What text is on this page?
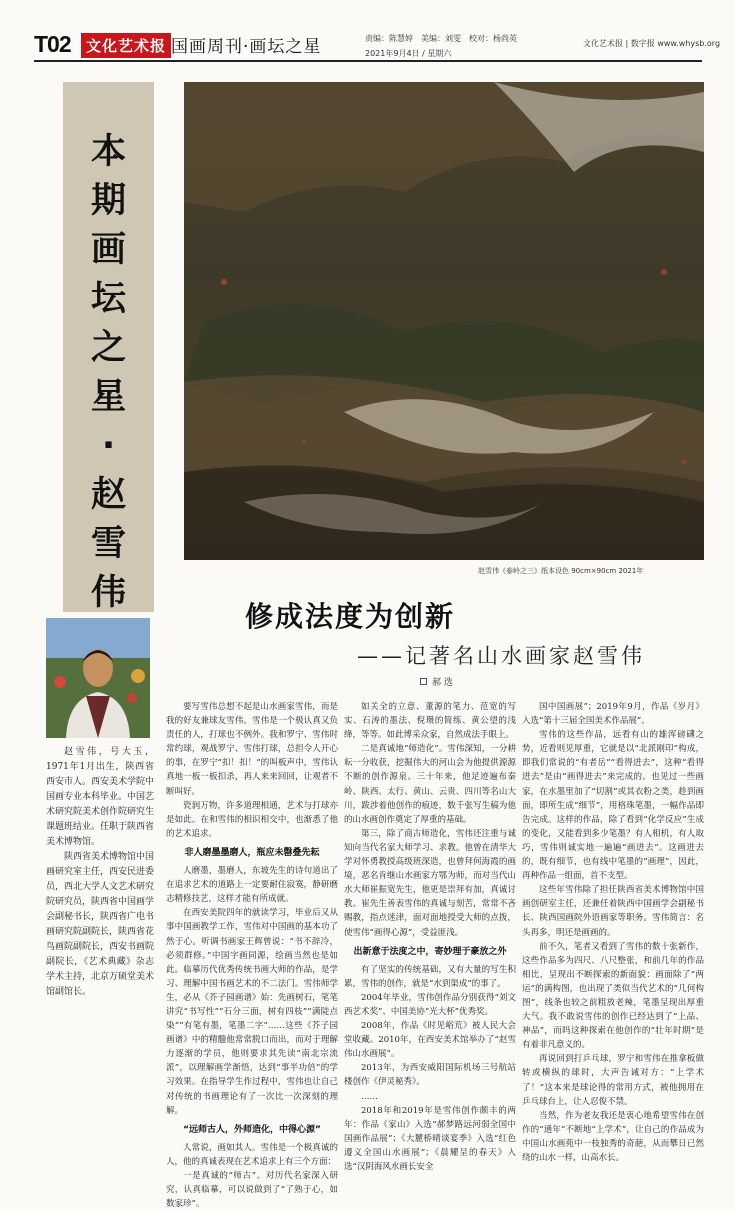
T02	文化艺术报 国画周刊·画坛之星	责编：陈慧婷　美编：刘雯　校对：杨尚英
2021年9月4日 / 星期六
文化艺术报 | 数字报 www.whysb.org
本
期
画
坛
之
星
·
赵
雪
伟

赵雪伟，号大玉，1971年1月出生，陕西省西安市人。西安美术学院中国画专业本科毕业。中国艺术研究院美术创作院研究生课题班结业。任职于陕西省美术博物馆。

陕西省美术博物馆中国画研究室主任，西安民进委员，西北大学人文艺术研究院研究员，陕西省中国画学会副秘书长，陕西省广电书画研究院副院长，陕西省花鸟画院副院长，西安书画院副院长，《艺术典藏》杂志学术主持，北京万硕堂美术馆副馆长。

赵雪伟《泰岭之三》纸本设色 90cm×90cm 2021年
修成法度为创新
——记著名山水画家赵雪伟
郝 选

要写雪伟总想不起是山水画家雪伟，而是我的好友兼球友雪伟。雪伟是一个极认真又负责任的人，打球也不例外。我和罗宁、雪伟时常约球，观战罗宁、雪伟打球，总担令人开心的事，在罗宁“扣！扣！”的叫板声中，雪伟认真地一板一板扣杀，再人来来回回，让观者不断叫好。

瓷润万物，许多道理相通，艺术与打球亦是如此。在和雪伟的相识相交中，也渐悉了他的艺术追求。

非人磨墨墨磨人，瓶应未罄叠先耘

人磨墨，墨磨人，东坡先生的诗句道出了在追求艺术的道路上一定要耐住寂寞，静研磨志精修技艺，这样才能有所成就。

在西安美院四年的就读学习，毕业后又从事中国画教学工作，雪伟对中国画的基本功了然于心。听调书画家王辉曾说：“书不辞冷，必须群修。”中国字画同源，绘画当然也是如此。临摹历代优秀传统书画大师的作品，是学习、理解中国书画艺术的不二法门。雪伟师学生，必从《芥子园画谱》始：先画树石，笔笔讲究“书写性”“石分三面，树有四枝”“满陡点染”“有笔有墨，笔墨二字”……这些《芥子园画谱》中的精髓他常常脱口而出，而对于理解力逐渐的学员，他则要求其先读“南北宗流派”，以理解画学渐悟，达到“事半功倍”的学习效果。在指导学生作过程中，雪伟也让自己对传统的书画理论有了一次比一次深刻的理解。

“远师古人，外师造化，中得心源”

人常说，画如其人。雪伟是一个极真诚的人，他的真诚表现在艺术追求上有三个方面：

一是真诚的“师古”。对历代名家深入研究，认真临摹，可以说做到了“了熟于心，如数家珍”。

如关全的立意、董源的笔力、范宽的写实、石涛的墨法、倪瓒的简练、黄公望的浅绛，等等。如此博采众家，自然成法手眼上。

二是真诚地“师造化”。雪伟深知，一分耕耘一分收获，挖掘伟大的河山会为他提供源源不断的创作源泉。三十年来，他足迹遍布秦岭、陕西、太行、黄山、云贵、四川等名山大川，跋涉着他创作的痕迹，数千张写生稿为他的山水画创作奠定了厚重的基础。

第三，除了商古师造化，雪伟还注重与诚知向当代名家大师学习、求教。他曾在清华大学对怀勇教授高级班深造，也曾拜何海霞的画境，恶名肯继山水画家方鄂为师，而对当代山水大师崔振宽先生，他更是崇拜有加，真诚讨教。崔先生善表雪伟的真诚与刻苦，常常不吝赐教，指点迷津，面对面地授受大师的点拨，使雪伟“画得心源”，受益匪浅。

出新意于法度之中，寄妙理于豪放之外

有了坚实的传统基础，又有大量的写生积累，雪伟的创作，就是“水到渠成”的事了。

2004年毕业，雪伟创作品分别获得“刘文西艺术奖”、中国美协“光大杯”优秀奖。

2008年，作品《时见峪荒》被人民大会堂收藏。2010年，在西安美术馆举办了“赵雪伟山水画展”。

2013年，为西安威阳国际机场三号航站楼创作《伊灵秘秀》。

……

2018年和2019年是雪伟创作颇丰的两年：作品《家山》入选“郝梦路远河弱全国中国画作品展”；《大麓桥晴谈宴季》入选“红色遵义全国山水画展”；《晨耀呈的春天》入选“汉阴海风水画长安全

国中国画展”；2019年9月，作品《岁月》入选“第十三届全国美术作品展”。

雪伟的这些作品，远看有山的雄浑磅礴之势，近看则见厚重，它就是以“北派刚印”构成，即我们常说的“有者岳”“看得进去”，这种“看得进去”是由“画得进去”来完成的。也见过一些画家，在水墨里加了“切割”或其衣粉之类，趁到画面，即所生成“细节”，用格珠笔墨，一幅作品即告完成。这样的作品，除了看到“化学反应”生成的变化，又能看到多少笔墨？有人相机，有人取巧，雪伟则诚实地一遍遍“画进去”。这画进去的，既有细节，也有线中笔墨的“画理”，因此，再种作品一组面，首不支型。

这些年雪伟除了担任陕西省美术博物馆中国画创研室主任，还兼任着陕西中国画学会副秘书长、陕西国画院外语画家等职务。雪伟简言：名头再多，明还是画画的。

前不久，笔者又看到了雪伟的数十张新作，这些作品多为四尺、八尺整张，和前几年的作品相比，呈现出不断探索的新面貌：画面除了“两运”的满构图，也出现了类似当代艺术的“几何构图”，线条也较之前粗放老辣，笔墨呈现出厚重大气。我不敢说雪伟的创作已经达到了“上品、神品”，而吗这种探索在他创作的“壮年时期”是有着非凡意义的。

再说回到打乒乓球，罗宁和雪伟在推拿板做转或横纵的球时，大声告诫对方：“上学术了！”这本来是球论得的常用方式，被他拥用在乒乓球台上，让人忍俊不禁。

当然，作为老友我还是衷心地希望雪伟在创作的“通年”不断地“上学术”，让自己的作品成为中国山水画苑中一枝独秀的奇葩，从而攀日已然绕的山水一样，山高水长。
